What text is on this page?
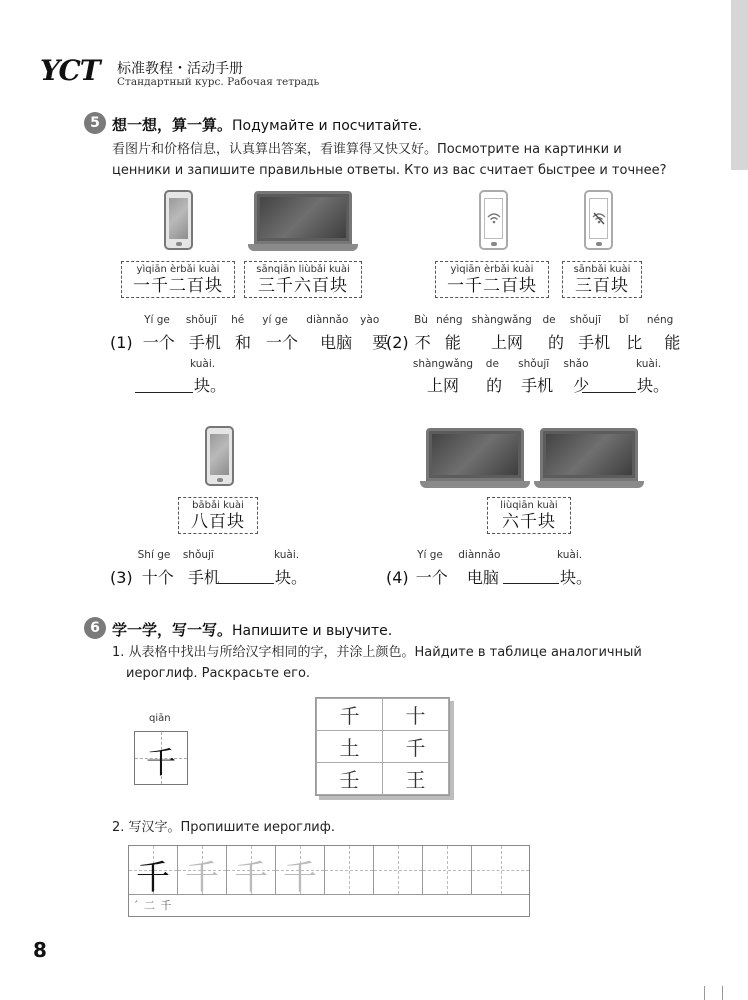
YCT 标准教程・活动手册
Стандартный курс. Рабочая тетрадь
5 想一想，算一算。Подумайте и посчитайте.
看图片和价格信息，认真算出答案，看谁算得又快又好。Посмотрите на картинки и
ценники и запишите правильные ответы. Кто из вас считает быстрее и точнее?
yìqiān èrbǎi kuài
一千二百块
sānqiān liùbǎi kuài
三千六百块
yìqiān èrbǎi kuài
一千二百块
sānbǎi kuài
三百块
Yí ge shǒujī hé yí ge diànnǎo yào
(1) 一个 手机 和 一个 电脑 要
kuài.
块。
Bù néng shàngwǎng de shǒujī bǐ néng
(2) 不 能 上网 的 手机 比 能
shàngwǎng de shǒujī shǎo
上网 的 手机 少
kuài.
块。
bābǎi kuài
八百块
liùqiān kuài
六千块
Shí ge shǒujī
(3) 十个 手机
kuài.
块。
Yí ge diànnǎo
(4) 一个 电脑
kuài.
块。
6 学一学，写一写。Напишите и выучите.
1. 从表格中找出与所给汉字相同的字，并涂上颜色。Найдите в таблице аналогичный
иероглиф. Раскрасьте его.
qiān
千
千	十
土	千
壬	王
2. 写汉字。Пропишите иероглиф.
千 千 千 千
ˊ 二 千
8
